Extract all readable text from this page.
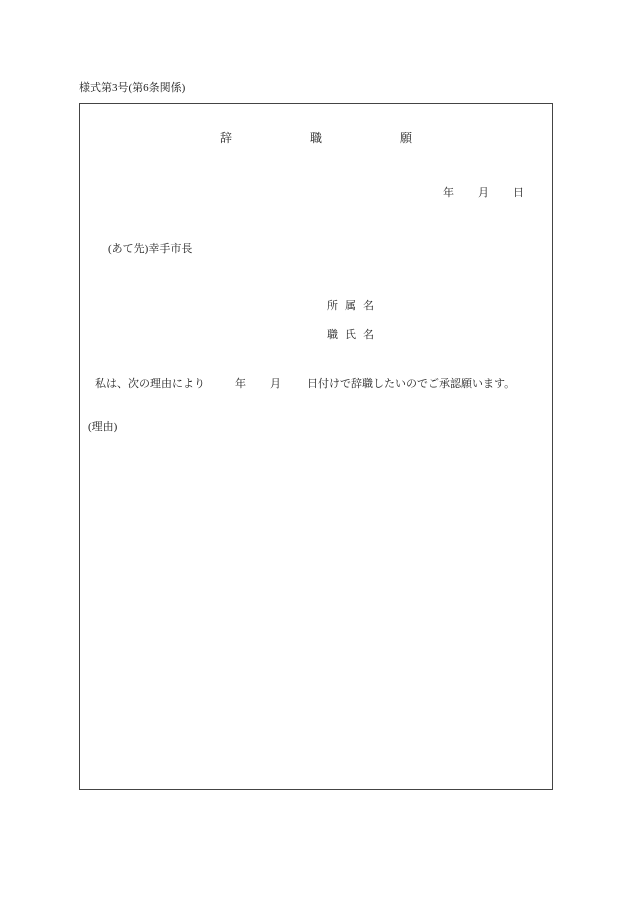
様式第3号(第6条関係)
辞職願
年 月 日
(あて先)幸手市長
所属名
職氏名
私は、次の理由により	年 月 日付けで辞職したいのでご承認願います。
(理由)
